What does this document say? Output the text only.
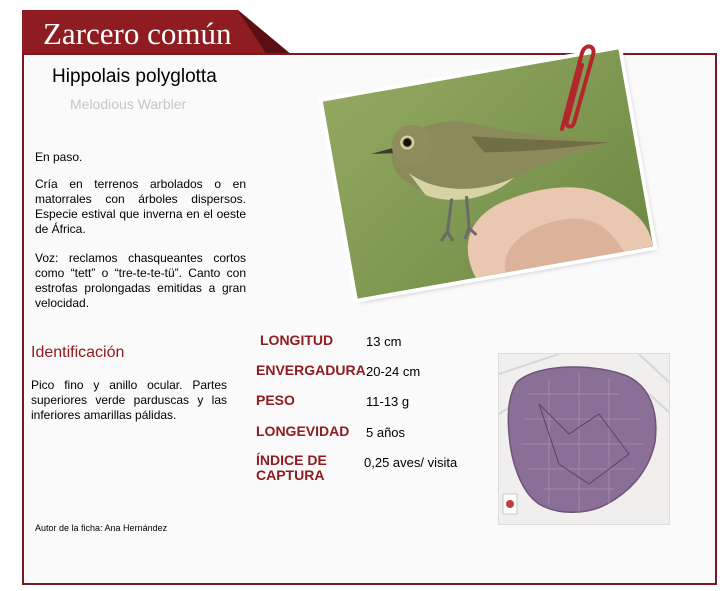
Zarcero común
Hippolais polyglotta
Melodious Warbler

En paso.

Cría en terrenos arbolados o en matorrales con árboles dispersos. Especie estival que inverna en el oeste de África.

Voz: reclamos chasqueantes cortos como “tett” o “tre-te-te-tü”. Canto con estrofas prolongadas emitidas a gran velocidad.

Identificación

Pico fino y anillo ocular. Partes superiores verde parduscas y las inferiores amarillas pálidas.

LONGITUD	13 cm
ENVERGADURA 20-24 cm
PESO	11-13 g
LONGEVIDAD 5 años
ÍNDICE DE CAPTURA
0,25 aves/ visita
Autor de la ficha: Ana Hernández
